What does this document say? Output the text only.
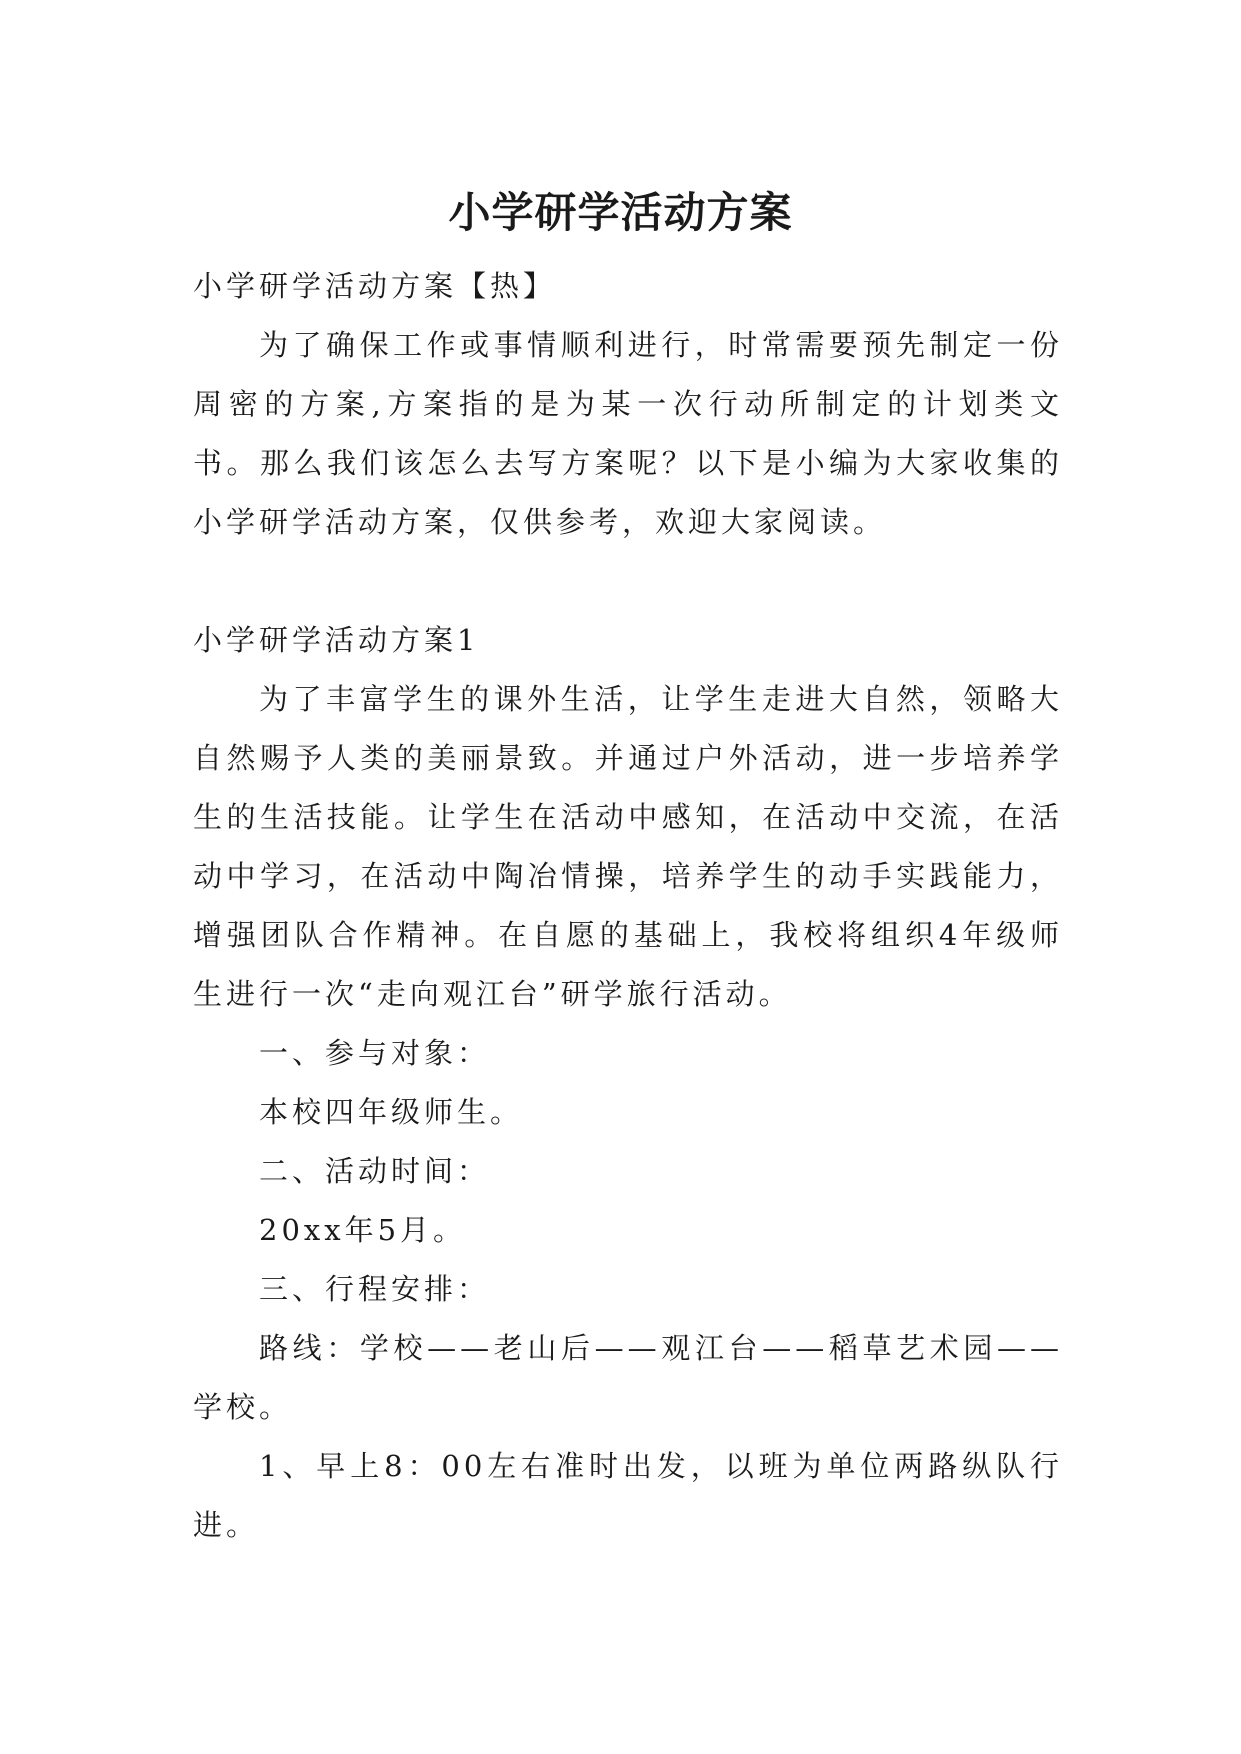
小学研学活动方案

小学研学活动方案【热】

为了确保工作或事情顺利进行，时常需要预先制定一份周密的方案,方案指的是为某一次行动所制定的计划类文书。那么我们该怎么去写方案呢？以下是小编为大家收集的小学研学活动方案，仅供参考，欢迎大家阅读。

小学研学活动方案1

为了丰富学生的课外生活，让学生走进大自然，领略大自然赐予人类的美丽景致。并通过户外活动，进一步培养学生的生活技能。让学生在活动中感知，在活动中交流，在活动中学习，在活动中陶冶情操，培养学生的动手实践能力，增强团队合作精神。在自愿的基础上，我校将组织4年级师生进行一次“走向观江台”研学旅行活动。

一、参与对象：

本校四年级师生。

二、活动时间：

20xx年5月。

三、行程安排：

路线：学校——老山后——观江台——稻草艺术园——学校。

1、早上8：00左右准时出发，以班为单位两路纵队行进。
